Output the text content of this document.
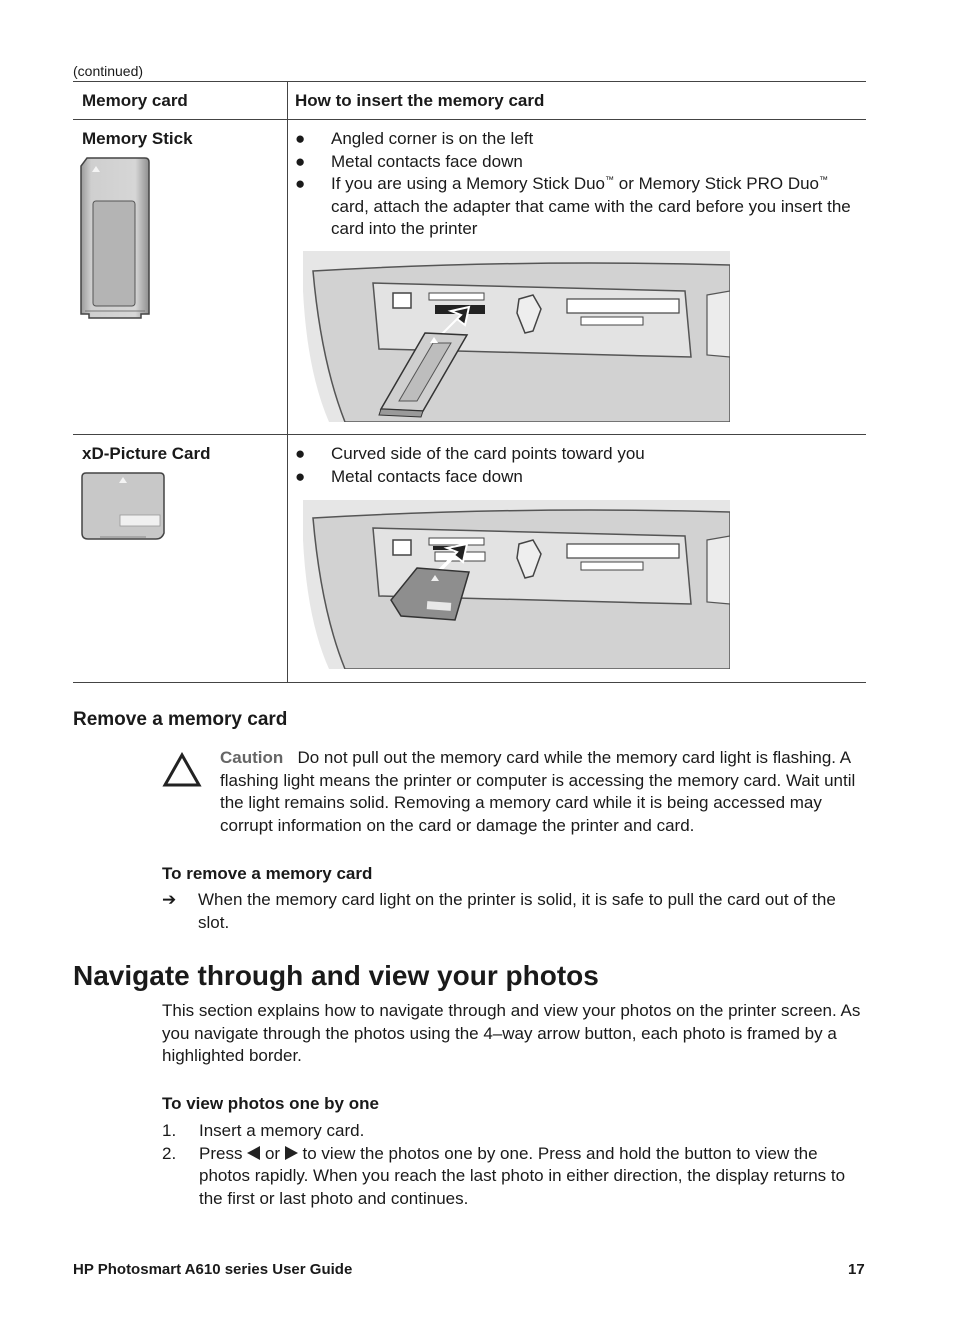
(continued)
Memory card	How to insert the memory card
Memory Stick	● Angled corner is on the left
● Metal contacts face down
● If you are using a Memory Stick Duo™ or Memory Stick PRO Duo™ card, attach the adapter that came with the card before you insert the card into the printer
xD-Picture Card	● Curved side of the card points toward you
● Metal contacts face down
Remove a memory card
Caution Do not pull out the memory card while the memory card light is flashing. A flashing light means the printer or computer is accessing the memory card. Wait until the light remains solid. Removing a memory card while it is being accessed may corrupt information on the card or damage the printer and card.
To remove a memory card
➔ When the memory card light on the printer is solid, it is safe to pull the card out of the slot.
Navigate through and view your photos
This section explains how to navigate through and view your photos on the printer screen. As you navigate through the photos using the 4–way arrow button, each photo is framed by a highlighted border.
To view photos one by one
1. Insert a memory card.
2. Press or to view the photos one by one. Press and hold the button to view the photos rapidly. When you reach the last photo in either direction, the display returns to the first or last photo and continues.
HP Photosmart A610 series User Guide	17
